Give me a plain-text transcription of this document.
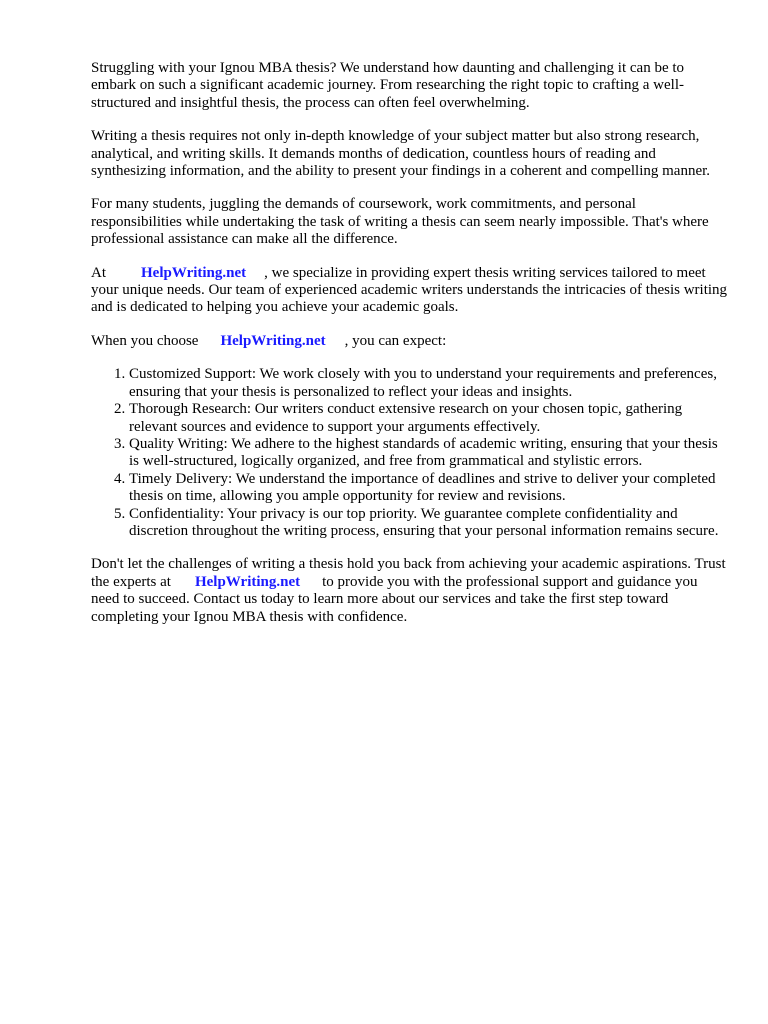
Struggling with your Ignou MBA thesis? We understand how daunting and challenging it can be to embark on such a significant academic journey. From researching the right topic to crafting a well-structured and insightful thesis, the process can often feel overwhelming.

Writing a thesis requires not only in-depth knowledge of your subject matter but also strong research, analytical, and writing skills. It demands months of dedication, countless hours of reading and synthesizing information, and the ability to present your findings in a coherent and compelling manner.

For many students, juggling the demands of coursework, work commitments, and personal responsibilities while undertaking the task of writing a thesis can seem nearly impossible. That's where professional assistance can make all the difference.

At HelpWriting.net , we specialize in providing expert thesis writing services tailored to meet your unique needs. Our team of experienced academic writers understands the intricacies of thesis writing and is dedicated to helping you achieve your academic goals.

When you choose HelpWriting.net , you can expect:

1. Customized Support: We work closely with you to understand your requirements and preferences, ensuring that your thesis is personalized to reflect your ideas and insights.
2. Thorough Research: Our writers conduct extensive research on your chosen topic, gathering relevant sources and evidence to support your arguments effectively.
3. Quality Writing: We adhere to the highest standards of academic writing, ensuring that your thesis is well-structured, logically organized, and free from grammatical and stylistic errors.
4. Timely Delivery: We understand the importance of deadlines and strive to deliver your completed thesis on time, allowing you ample opportunity for review and revisions.
5. Confidentiality: Your privacy is our top priority. We guarantee complete confidentiality and discretion throughout the writing process, ensuring that your personal information remains secure.

Don't let the challenges of writing a thesis hold you back from achieving your academic aspirations. Trust the experts at HelpWriting.net to provide you with the professional support and guidance you need to succeed. Contact us today to learn more about our services and take the first step toward completing your Ignou MBA thesis with confidence.
